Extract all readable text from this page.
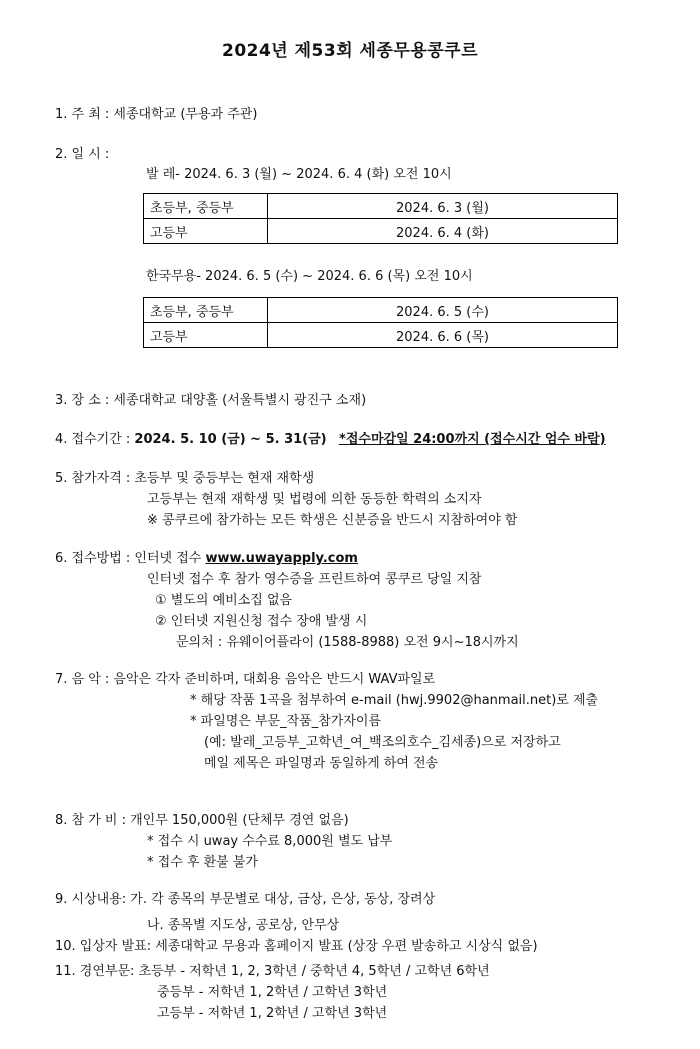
2024년 제53회 세종무용콩쿠르
1. 주 최 : 세종대학교 (무용과 주관)
2. 일 시 :
발 레- 2024. 6. 3 (월) ~ 2024. 6. 4 (화) 오전 10시
초등부, 중등부	2024. 6. 3 (월)
고등부	2024. 6. 4 (화)
한국무용- 2024. 6. 5 (수) ~ 2024. 6. 6 (목) 오전 10시
초등부, 중등부	2024. 6. 5 (수)
고등부	2024. 6. 6 (목)
3. 장 소 : 세종대학교 대양홀 (서울특별시 광진구 소재)
4. 접수기간 : 2024. 5. 10 (금) ~ 5. 31(금) *접수마감일 24:00까지 (접수시간 엄수 바람)
5. 참가자격 : 초등부 및 중등부는 현재 재학생
고등부는 현재 재학생 및 법령에 의한 동등한 학력의 소지자
※ 콩쿠르에 참가하는 모든 학생은 신분증을 반드시 지참하여야 함
6. 접수방법 : 인터넷 접수 www.uwayapply.com
인터넷 접수 후 참가 영수증을 프린트하여 콩쿠르 당일 지참
① 별도의 예비소집 없음
② 인터넷 지원신청 접수 장애 발생 시
문의처 : 유웨이어플라이 (1588-8988) 오전 9시~18시까지
7. 음 악 : 음악은 각자 준비하며, 대회용 음악은 반드시 WAV파일로
* 해당 작품 1곡을 첨부하여 e-mail (hwj.9902@hanmail.net)로 제출
* 파일명은 부문_작품_참가자이름
(예: 발레_고등부_고학년_여_백조의호수_김세종)으로 저장하고
메일 제목은 파일명과 동일하게 하여 전송
8. 참 가 비 : 개인무 150,000원 (단체무 경연 없음)
* 접수 시 uway 수수료 8,000원 별도 납부
* 접수 후 환불 불가
9. 시상내용: 가. 각 종목의 부문별로 대상, 금상, 은상, 동상, 장려상
나. 종목별 지도상, 공로상, 안무상
10. 입상자 발표: 세종대학교 무용과 홈페이지 발표 (상장 우편 발송하고 시상식 없음)
11. 경연부문: 초등부 - 저학년 1, 2, 3학년 / 중학년 4, 5학년 / 고학년 6학년
중등부 - 저학년 1, 2학년 / 고학년 3학년
고등부 - 저학년 1, 2학년 / 고학년 3학년
